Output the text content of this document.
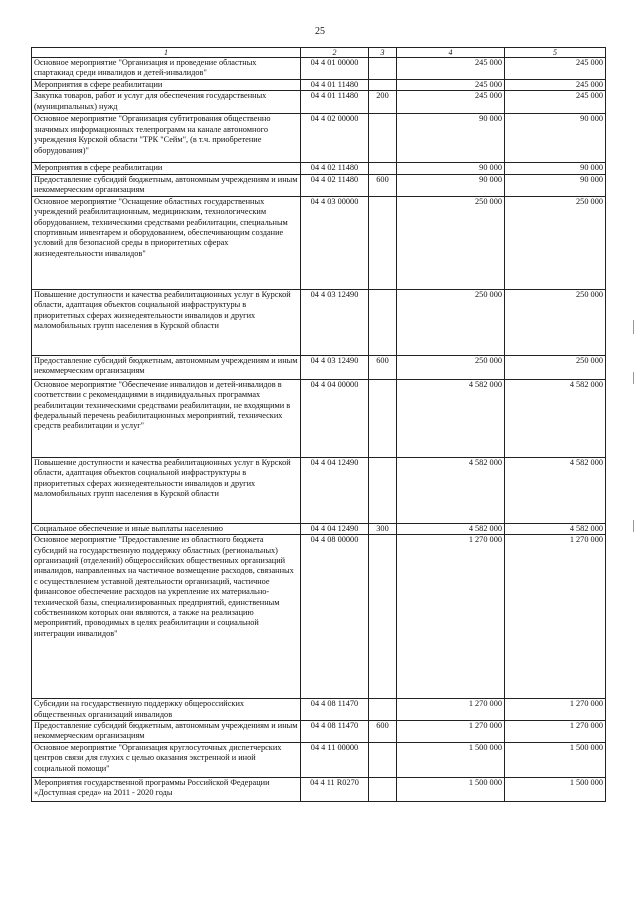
25
1	2	3	4	5
Основное мероприятие "Организация и проведение областных спартакиад среди инвалидов и детей-инвалидов"	04 4 01 00000		245 000	245 000
Мероприятия в сфере реабилитации	04 4 01 11480		245 000	245 000
Закупка товаров, работ и услуг для обеспечения государственных (муниципальных) нужд	04 4 01 11480	200	245 000	245 000
Основное мероприятие "Организация субтитрования общественно значимых информационных телепрограмм на канале автономного учреждения Курской области "ТРК "Сейм", (в т.ч. приобретение оборудования)"	04 4 02 00000		90 000	90 000
Мероприятия в сфере реабилитации	04 4 02 11480		90 000	90 000
Предоставление субсидий бюджетным, автономным учреждениям и иным некоммерческим организациям	04 4 02 11480	600	90 000	90 000
Основное мероприятие "Оснащение областных государственных учреждений реабилитационным, медицинским, технологическим оборудованием, техническими средствами реабилитации, специальным спортивным инвентарем и оборудованием, обеспечивающим создание условий для безопасной среды в приоритетных сферах жизнедеятельности инвалидов"	04 4 03 00000		250 000	250 000
Повышение доступности и качества реабилитационных услуг в Курской области, адаптация объектов социальной инфраструктуры в приоритетных сферах жизнедеятельности инвалидов и других маломобильных групп населения в Курской области	04 4 03 12490		250 000	250 000
Предоставление субсидий бюджетным, автономным учреждениям и иным некоммерческим организациям	04 4 03 12490	600	250 000	250 000
Основное мероприятие "Обеспечение инвалидов и детей-инвалидов в соответствии с рекомендациями в индивидуальных программах реабилитации техническими средствами реабилитации, не входящими в федеральный перечень реабилитационных мероприятий, технических средств реабилитации и услуг"	04 4 04 00000		4 582 000	4 582 000
Повышение доступности и качества реабилитационных услуг в Курской области, адаптация объектов социальной инфраструктуры в приоритетных сферах жизнедеятельности инвалидов и других маломобильных групп населения в Курской области	04 4 04 12490		4 582 000	4 582 000
Социальное обеспечение и иные выплаты населению	04 4 04 12490	300	4 582 000	4 582 000
Основное мероприятие "Предоставление из областного бюджета субсидий на государственную поддержку областных (региональных) организаций (отделений) общероссийских общественных организаций инвалидов, направленных на частичное возмещение расходов, связанных с осуществлением уставной деятельности организаций, частичное финансовое обеспечение расходов на укрепление их материально-технической базы, специализированных предприятий, единственным собственником которых они являются, а также на реализацию мероприятий, проводимых в целях реабилитации и социальной интеграции инвалидов"	04 4 08 00000		1 270 000	1 270 000
Субсидии на государственную поддержку общероссийских общественных организаций инвалидов	04 4 08 11470		1 270 000	1 270 000
Предоставление субсидий бюджетным, автономным учреждениям и иным некоммерческим организациям	04 4 08 11470	600	1 270 000	1 270 000
Основное мероприятие "Организация круглосуточных диспетчерских центров связи для глухих с целью оказания экстренной и иной социальной помощи"	04 4 11 00000		1 500 000	1 500 000
Мероприятия государственной программы Российской Федерации «Доступная среда» на 2011 - 2020 годы	04 4 11 R0270		1 500 000	1 500 000
